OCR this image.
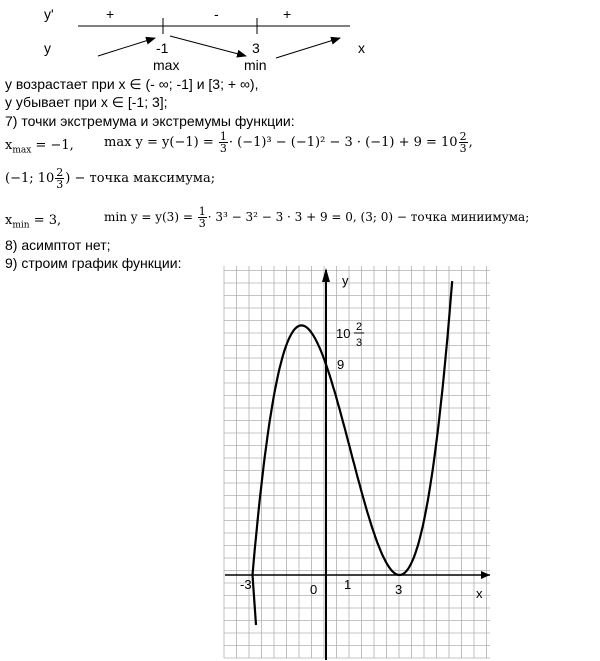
y'
y
+	-	+
-1	3
max	min
x
y возрастает при x ∈ (- ∞; -1] и [3; + ∞),
y убывает при x ∈ [-1; 3];
7) точки экстремума и экстремумы функции:
$x_{max} = -1$, $\max y = y(-1) = \frac{1}{3} \cdot (-1)^3 - (-1)^2 - 3 \cdot (-1) + 9 = 10 \frac{2}{3}$ ,
(−1; $10 \frac{2}{3}$ ) − точка максимума;
$x_{min} = 3$,	$\min y = y(3) = \frac{1}{3} \cdot 3^3 - 3^2 - 3 \cdot 3 + 9 = 0$, (3; 0) − точка миниимума;
8) асимптот нет;
9) строим график функции:
y
x
0 1	3
-3
9
10 2
3
